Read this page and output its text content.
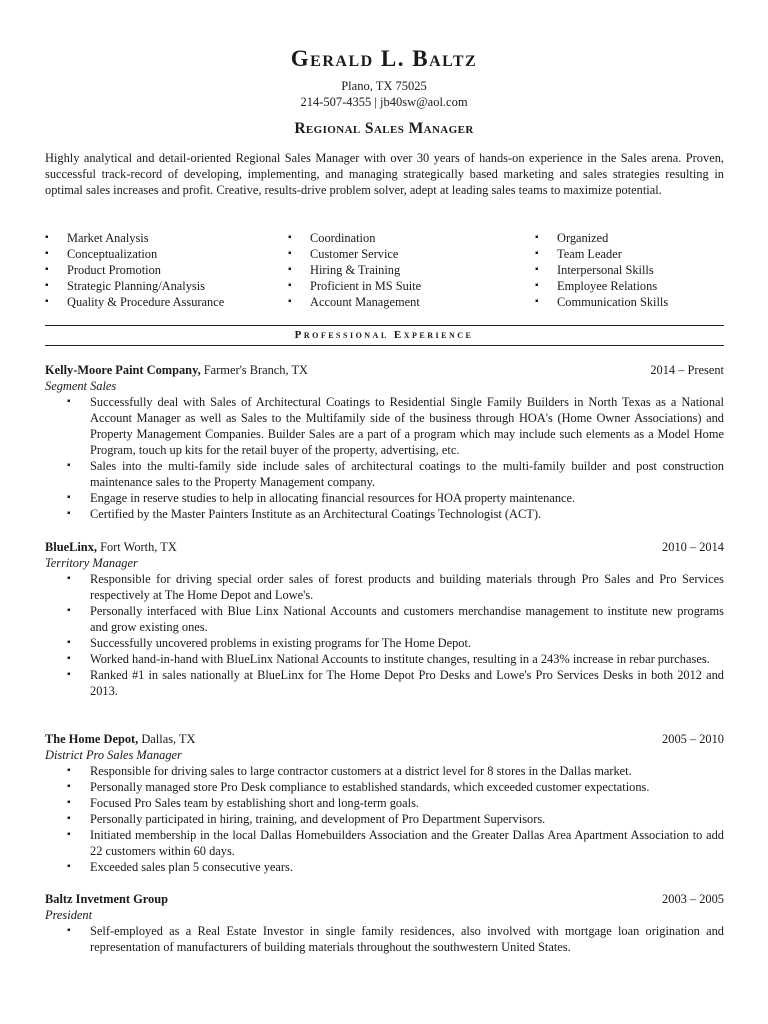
Gerald L. Baltz
Plano, TX 75025
214-507-4355 | jb40sw@aol.com
Regional Sales Manager
Highly analytical and detail-oriented Regional Sales Manager with over 30 years of hands-on experience in the Sales arena. Proven, successful track-record of developing, implementing, and managing strategically based marketing and sales strategies resulting in optimal sales increases and profit. Creative, results-drive problem solver, adept at leading sales teams to maximize potential.
▪ Market Analysis
▪ Conceptualization
▪ Product Promotion
▪ Strategic Planning/Analysis
▪ Quality & Procedure Assurance
▪ Coordination
▪ Customer Service
▪ Hiring & Training
▪ Proficient in MS Suite
▪ Account Management
▪ Organized
▪ Team Leader
▪ Interpersonal Skills
▪ Employee Relations
▪ Communication Skills
Professional Experience
Kelly-Moore Paint Company, Farmer's Branch, TX	2014 – Present
Segment Sales
▪ Successfully deal with Sales of Architectural Coatings to Residential Single Family Builders in North Texas as a National Account Manager as well as Sales to the Multifamily side of the business through HOA's (Home Owner Associations) and Property Management Companies. Builder Sales are a part of a program which may include such elements as a Model Home Program, touch up kits for the retail buyer of the property, advertising, etc.
▪ Sales into the multi-family side include sales of architectural coatings to the multi-family builder and post construction maintenance sales to the Property Management company.
▪ Engage in reserve studies to help in allocating financial resources for HOA property maintenance.
▪ Certified by the Master Painters Institute as an Architectural Coatings Technologist (ACT).
BlueLinx, Fort Worth, TX	2010 – 2014
Territory Manager
▪ Responsible for driving special order sales of forest products and building materials through Pro Sales and Pro Services respectively at The Home Depot and Lowe's.
▪ Personally interfaced with Blue Linx National Accounts and customers merchandise management to institute new programs and grow existing ones.
▪ Successfully uncovered problems in existing programs for The Home Depot.
▪ Worked hand-in-hand with BlueLinx National Accounts to institute changes, resulting in a 243% increase in rebar purchases.
▪ Ranked #1 in sales nationally at BlueLinx for The Home Depot Pro Desks and Lowe's Pro Services Desks in both 2012 and 2013.
The Home Depot, Dallas, TX	2005 – 2010
District Pro Sales Manager
▪ Responsible for driving sales to large contractor customers at a district level for 8 stores in the Dallas market.
▪ Personally managed store Pro Desk compliance to established standards, which exceeded customer expectations.
▪ Focused Pro Sales team by establishing short and long-term goals.
▪ Personally participated in hiring, training, and development of Pro Department Supervisors.
▪ Initiated membership in the local Dallas Homebuilders Association and the Greater Dallas Area Apartment Association to add 22 customers within 60 days.
▪ Exceeded sales plan 5 consecutive years.
Baltz Invetment Group	2003 – 2005
President
▪ Self-employed as a Real Estate Investor in single family residences, also involved with mortgage loan origination and representation of manufacturers of building materials throughout the southwestern United States.
